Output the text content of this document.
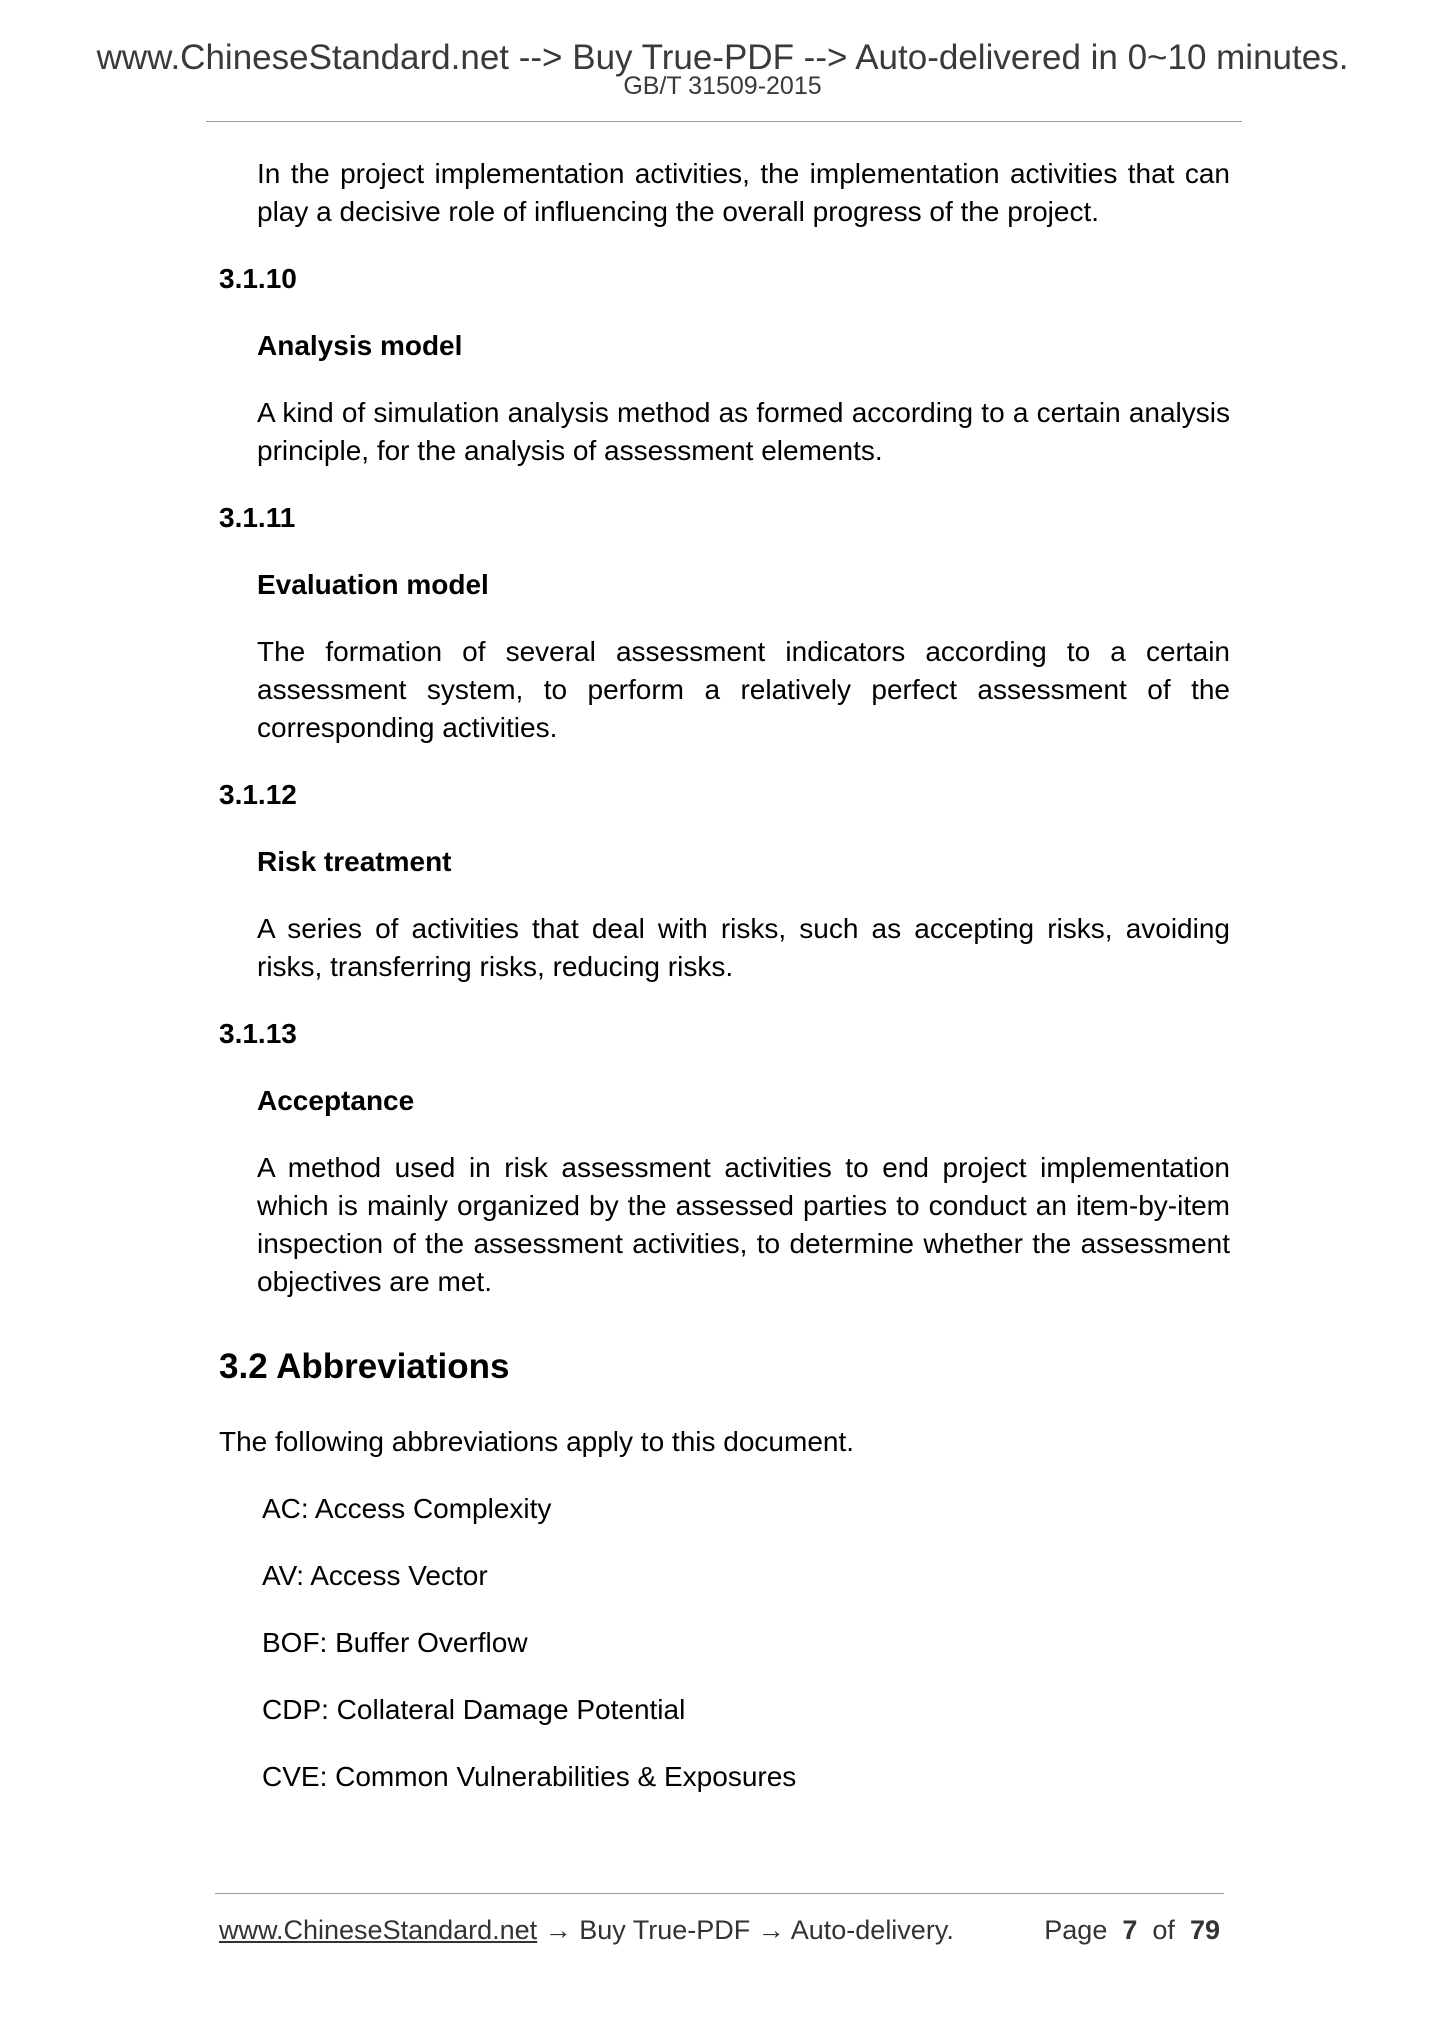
www.ChineseStandard.net --> Buy True-PDF --> Auto-delivered in 0~10 minutes.
GB/T 31509-2015

In the project implementation activities, the implementation activities that can play a decisive role of influencing the overall progress of the project.

3.1.10

Analysis model

A kind of simulation analysis method as formed according to a certain analysis principle, for the analysis of assessment elements.

3.1.11

Evaluation model

The formation of several assessment indicators according to a certain assessment system, to perform a relatively perfect assessment of the corresponding activities.

3.1.12

Risk treatment

A series of activities that deal with risks, such as accepting risks, avoiding risks, transferring risks, reducing risks.

3.1.13

Acceptance

A method used in risk assessment activities to end project implementation which is mainly organized by the assessed parties to conduct an item-by-item inspection of the assessment activities, to determine whether the assessment objectives are met.

3.2 Abbreviations

The following abbreviations apply to this document.

AC: Access Complexity

AV: Access Vector

BOF: Buffer Overflow

CDP: Collateral Damage Potential

CVE: Common Vulnerabilities & Exposures

www.ChineseStandard.net → Buy True-PDF → Auto-delivery.	Page 7 of 79
